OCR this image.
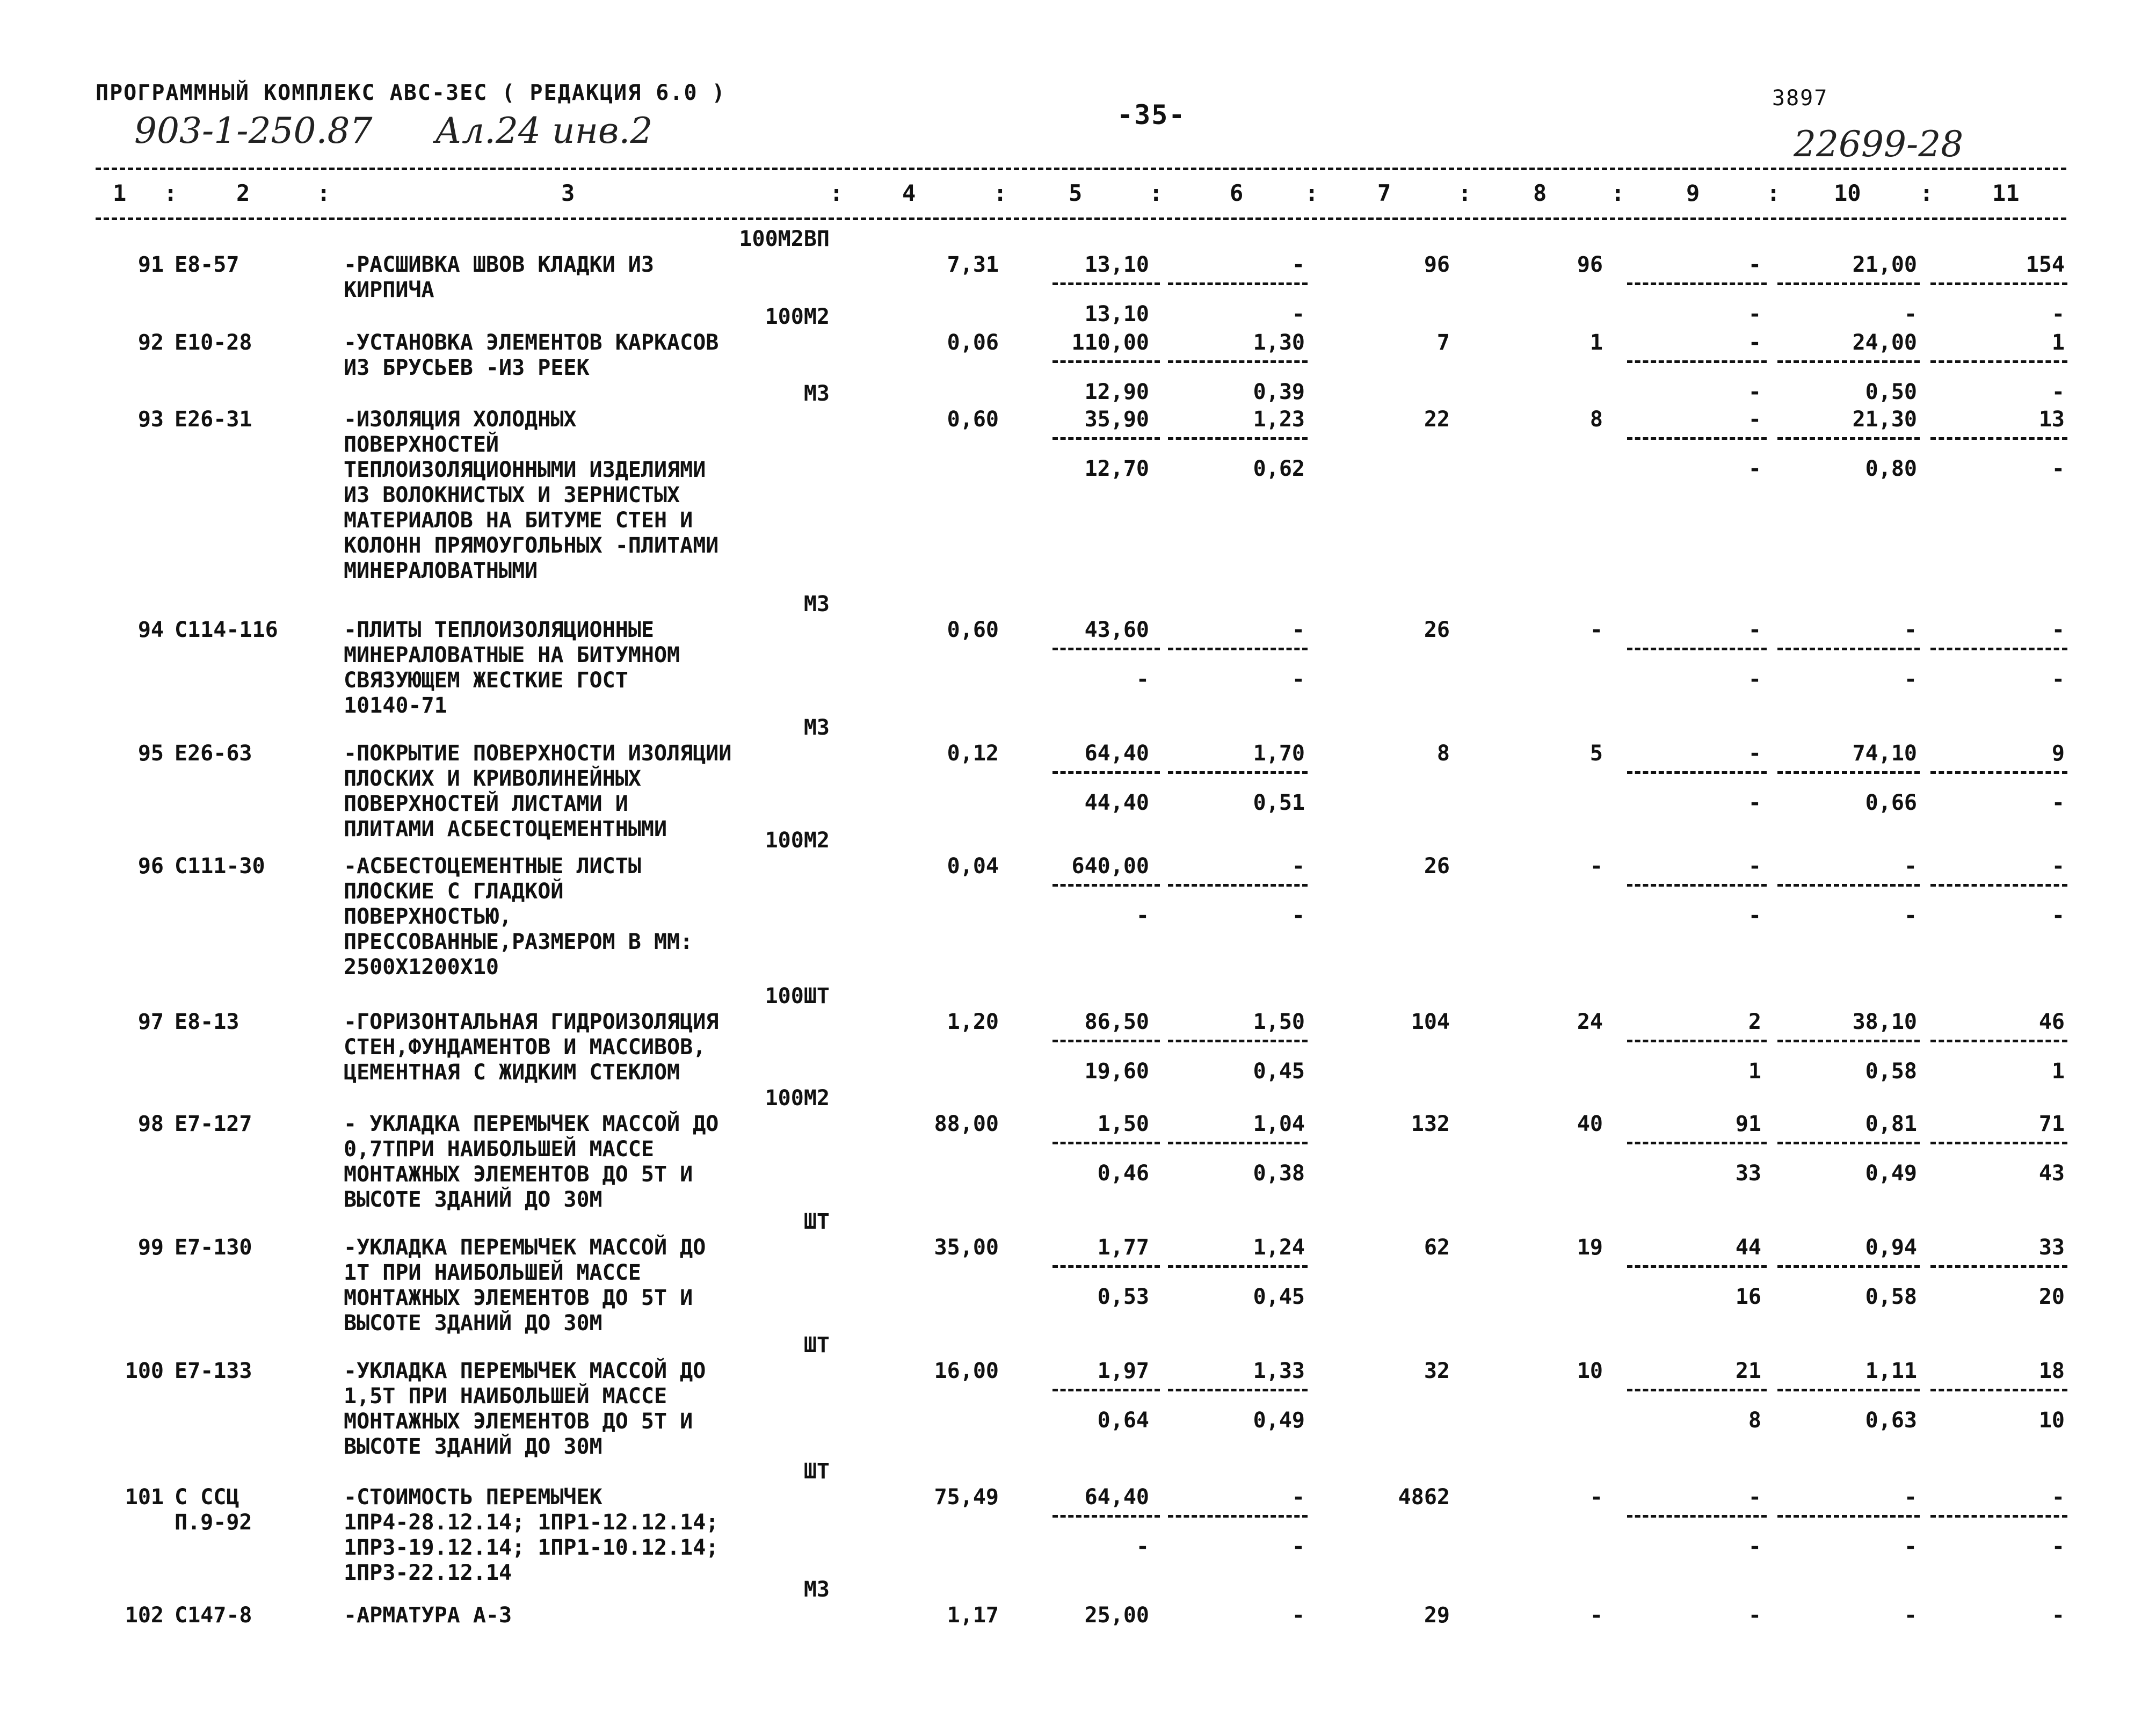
ПРОГРАММНЫЙ КОМПЛЕКС АВС-ЗЕС ( РЕДАКЦИЯ 6.0 )
-35-
3897
903-1-250.87 Ал.24 инв.2	22699-28
1 :	2	:	3	:	4	:	5	:	6	:	7	:	8	:	9	: 10	:	11
100М2ВП
91 Е8-57	-РАСШИВКА ШВОВ КЛАДКИ ИЗ
КИРПИЧА
7,31	13,10	-	96	96	-	21,00	154
13,10	-	-	-	-
100М2
92 Е10-28	-УСТАНОВКА ЭЛЕМЕНТОВ КАРКАСОВ
ИЗ БРУСЬЕВ -ИЗ РЕЕК
0,06	110,00	1,30	7	1	-	24,00	1
12,90	0,39	-	0,50	-
М3
93 Е26-31	-ИЗОЛЯЦИЯ ХОЛОДНЫХ
ПОВЕРХНОСТЕЙ
ТЕПЛОИЗОЛЯЦИОННЫМИ ИЗДЕЛИЯМИ
ИЗ ВОЛОКНИСТЫХ И ЗЕРНИСТЫХ
МАТЕРИАЛОВ НА БИТУМЕ СТЕН И
КОЛОНН ПРЯМОУГОЛЬНЫХ -ПЛИТАМИ
МИНЕРАЛОВАТНЫМИ
0,60	35,90	1,23	22	8	-	21,30	13
12,70	0,62	-	0,80	-
М3
94 С114-116	-ПЛИТЫ ТЕПЛОИЗОЛЯЦИОННЫЕ
МИНЕРАЛОВАТНЫЕ НА БИТУМНОМ
СВЯЗУЮЩЕМ ЖЕСТКИЕ ГОСТ
10140-71
0,60	43,60	-	26	-	-	-	-
-	-	-	-	-
М3
95 Е26-63	-ПОКРЫТИЕ ПОВЕРХНОСТИ ИЗОЛЯЦИИ
ПЛОСКИХ И КРИВОЛИНЕЙНЫХ
ПОВЕРХНОСТЕЙ ЛИСТАМИ И
ПЛИТАМИ АСБЕСТОЦЕМЕНТНЫМИ
0,12	64,40	1,70	8	5	-	74,10	9
44,40	0,51	-	0,66	-
100М2
96 С111-30	-АСБЕСТОЦЕМЕНТНЫЕ ЛИСТЫ
ПЛОСКИЕ С ГЛАДКОЙ
ПОВЕРХНОСТЬЮ,
ПРЕССОВАННЫЕ,РАЗМЕРОМ В ММ:
2500Х1200Х10
0,04	640,00	-	26	-	-	-	-
-	-	-	-	-
100ШТ
97 Е8-13	-ГОРИЗОНТАЛЬНАЯ ГИДРОИЗОЛЯЦИЯ
СТЕН,ФУНДАМЕНТОВ И МАССИВОВ,
ЦЕМЕНТНАЯ С ЖИДКИМ СТЕКЛОМ
1,20	86,50	1,50	104	24	2	38,10	46
19,60	0,45	1	0,58	1
100М2
98 Е7-127	- УКЛАДКА ПЕРЕМЫЧЕК МАССОЙ ДО
0,7ТПРИ НАИБОЛЬШЕЙ МАССЕ
МОНТАЖНЫХ ЭЛЕМЕНТОВ ДО 5Т И
ВЫСОТЕ ЗДАНИЙ ДО 30М
88,00	1,50	1,04	132	40	91	0,81	71
0,46	0,38	33	0,49	43
ШТ
99 Е7-130	-УКЛАДКА ПЕРЕМЫЧЕК МАССОЙ ДО
1Т ПРИ НАИБОЛЬШЕЙ МАССЕ
МОНТАЖНЫХ ЭЛЕМЕНТОВ ДО 5Т И
ВЫСОТЕ ЗДАНИЙ ДО 30М
35,00	1,77	1,24	62	19	44	0,94	33
0,53	0,45	16	0,58	20
ШТ
100 Е7-133	-УКЛАДКА ПЕРЕМЫЧЕК МАССОЙ ДО
1,5Т ПРИ НАИБОЛЬШЕЙ МАССЕ
МОНТАЖНЫХ ЭЛЕМЕНТОВ ДО 5Т И
ВЫСОТЕ ЗДАНИЙ ДО 30М
16,00	1,97	1,33	32	10	21	1,11	18
0,64	0,49	8	0,63	10
ШТ
101 С ССЦ
П.9-92
-СТОИМОСТЬ ПЕРЕМЫЧЕК
1ПР4-28.12.14; 1ПР1-12.12.14;
1ПР3-19.12.14; 1ПР1-10.12.14;
1ПР3-22.12.14
75,49	64,40	-	4862	-	-	-	-
-	-	-	-	-
М3
102 С147-8	-АРМАТУРА А-3	1,17	25,00	-	29	-	-	-	-
